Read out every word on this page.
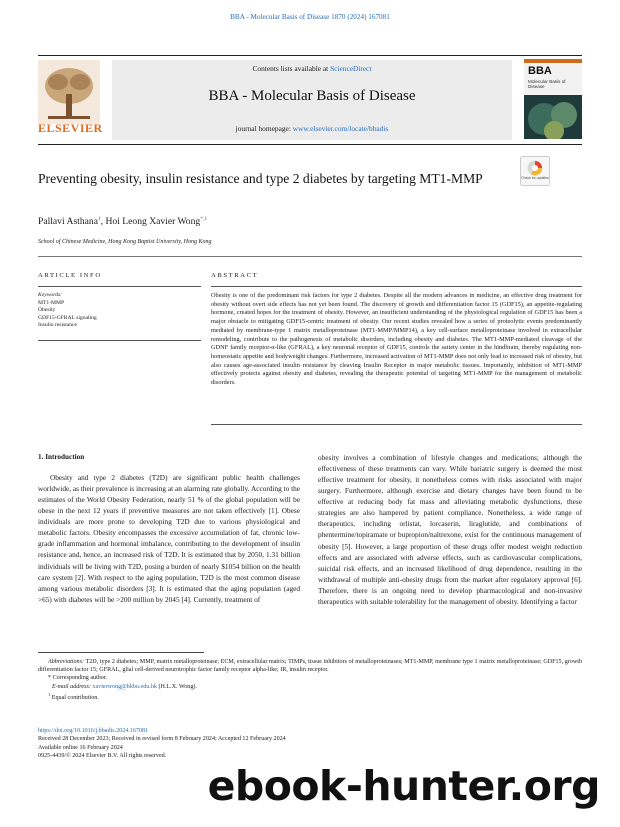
BBA - Molecular Basis of Disease 1870 (2024) 167081
ELSEVIER
Contents lists available at ScienceDirect
BBA - Molecular Basis of Disease
journal homepage: www.elsevier.com/locate/bbadis
BBA
Molecular Basis of Disease
Preventing obesity, insulin resistance and type 2 diabetes by targeting MT1-MMP	Check for updates
Pallavi Asthana$^1$, Hoi Leong Xavier Wong$^{*,1}$
School of Chinese Medicine, Hong Kong Baptist University, Hong Kong
ARTICLE INFO	ABSTRACT
Keywords:
MT1-MMP
Obesity
GDF15-GFRAL signaling
Insulin resistance
Obesity is one of the predominant risk factors for type 2 diabetes. Despite all the modern advances in medicine, an effective drug treatment for obesity without overt side effects has not yet been found. The discovery of growth and differentiation factor 15 (GDF15), an appetite-regulating hormone, created hopes for the treatment of obesity. However, an insufficient understanding of the physiological regulation of GDF15 has been a major obstacle to mitigating GDF15-centric treatment of obesity. Our recent studies revealed how a series of proteolytic events predominantly mediated by membrane-type 1 matrix metalloproteinase (MT1-MMP/MMP14), a key cell-surface metalloproteinase involved in extracellular remodeling, contribute to the pathogenesis of metabolic disorders, including obesity and diabetes. The MT1-MMP-mediated cleavage of the GDNF family receptor-α-like (GFRAL), a key neuronal receptor of GDF15, controls the satiety center in the hindbrain, thereby regulating non-homeostatic appetite and bodyweight changes. Furthermore, increased activation of MT1-MMP does not only lead to increased risk of obesity, but also causes age-associated insulin resistance by cleaving Insulin Receptor in major metabolic tissues. Importantly, inhibition of MT1-MMP effectively protects against obesity and diabetes, revealing the therapeutic potential of targeting MT1-MMP for the management of metabolic disorders.
1. Introduction

Obesity and type 2 diabetes (T2D) are significant public health challenges worldwide, as their prevalence is increasing at an alarming rate globally. According to the estimates of the World Obesity Federation, nearly 51 % of the global population will be obese in the next 12 years if preventive measures are not taken effectively [1]. Obese individuals are more prone to developing T2D due to various physiological and metabolic factors. Obesity encompasses the excessive accumulation of fat, chronic low-grade inflammation and hormonal imbalance, contributing to the development of insulin resistance and, hence, an increased risk of T2D. It is estimated that by 2050, 1.31 billion individuals will be living with T2D, posing a burden of nearly $1054 billion on the health care system [2]. With respect to the aging population, T2D is the most common disease among various metabolic disorders [3]. It is estimated that the aging population (aged >65) with diabetes will be >200 million by 2045 [4]. Currently, treatment of

obesity involves a combination of lifestyle changes and medications; although the effectiveness of these treatments can vary. While bariatric surgery is deemed the most effective treatment for obesity, it nonetheless comes with risks associated with major surgery. Furthermore, although exercise and dietary changes have been found to be effective at reducing body fat mass and alleviating metabolic dysfunctions, these strategies are also hampered by patient compliance. Nonetheless, a wide range of therapeutics, including orlistat, lorcaserin, liraglutide, and combinations of phentermine/topiramate or bupropion/naltrexone, exist for the continuous management of obesity [5]. However, a large proportion of these drugs offer modest weight reduction effects and are associated with adverse effects, such as cardiovascular complications, suicidal risk effects, and an increased likelihood of drug dependence, resulting in the withdrawal of multiple anti-obesity drugs from the market after regulatory approval [6]. Therefore, there is an ongoing need to develop pharmacological and non-invasive therapeutics with suitable tolerability for the management of obesity. Identifying a factor

Abbreviations: T2D, type 2 diabetes; MMP, matrix metalloproteinase; ECM, extracellular matrix; TIMPs, tissue inhibitors of metalloproteinases; MT1-MMP, membrane type 1 matrix metalloproteinase; GDF15, growth differentiation factor 15; GFRAL, glial cell-derived neurotrophic factor family receptor alpha-like; IR, insulin receptor.
* Corresponding author.
E-mail address: xavierwong@hkbu.edu.hk (H.L.X. Wong).
$^1$ Equal contribution.
https://doi.org/10.1016/j.bbadis.2024.167081
Received 28 December 2023; Received in revised form 8 February 2024; Accepted 12 February 2024
Available online 16 February 2024
0925-4439/© 2024 Elsevier B.V. All rights reserved.
ebook-hunter.org
